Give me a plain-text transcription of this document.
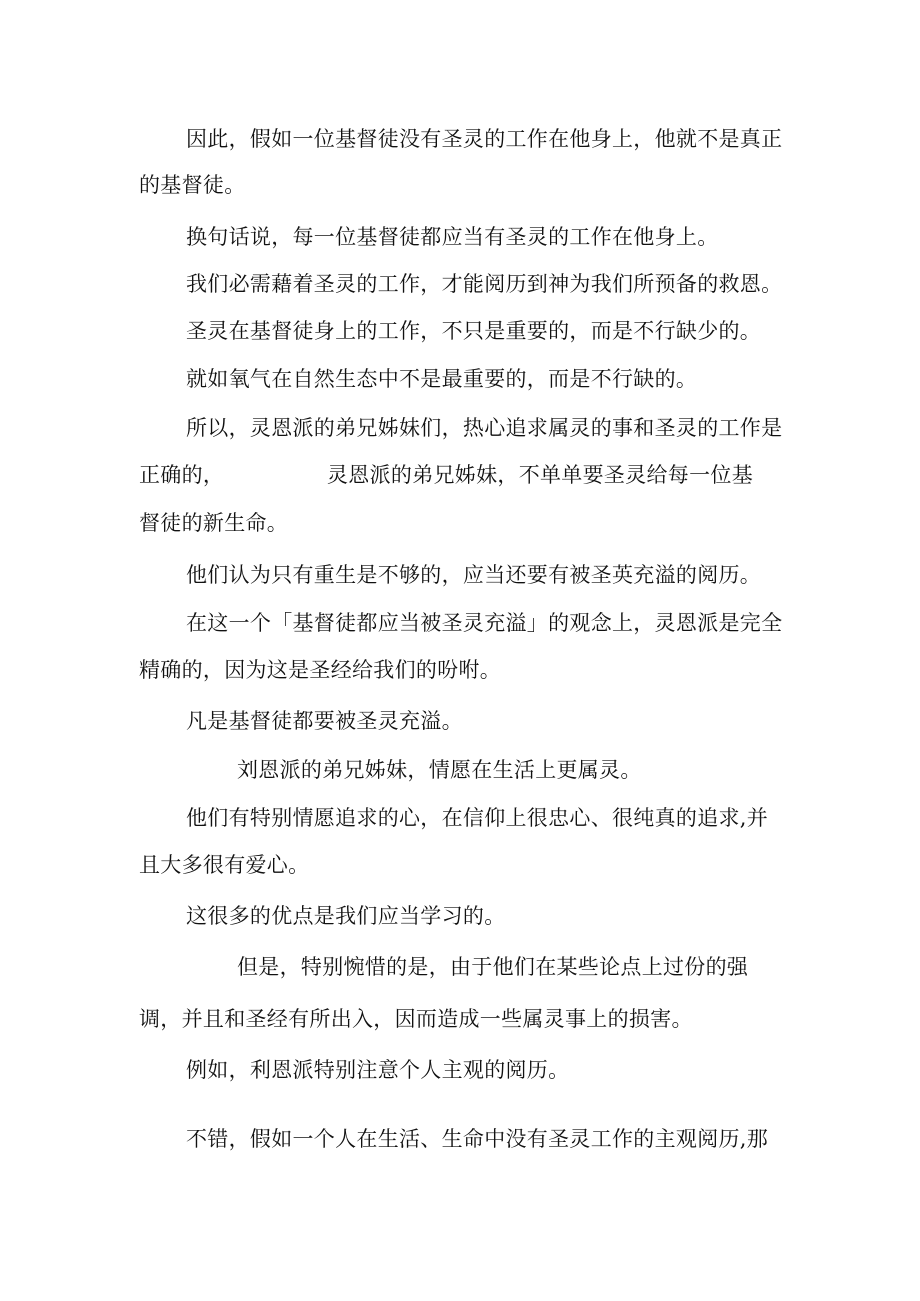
因此，假如一位基督徒没有圣灵的工作在他身上，他就不是真正
的基督徒。
换句话说，每一位基督徒都应当有圣灵的工作在他身上。
我们必需藉着圣灵的工作，才能阅历到神为我们所预备的救恩。
圣灵在基督徒身上的工作，不只是重要的，而是不行缺少的。
就如氧气在自然生态中不是最重要的，而是不行缺的。
所以，灵恩派的弟兄姊妹们，热心追求属灵的事和圣灵的工作是
正确的，	灵恩派的弟兄姊妹，不单单要圣灵给每一位基
督徒的新生命。
他们认为只有重生是不够的，应当还要有被圣英充溢的阅历。
在这一个「基督徒都应当被圣灵充溢」的观念上，灵恩派是完全
精确的，因为这是圣经给我们的吩咐。
凡是基督徒都要被圣灵充溢。
刘恩派的弟兄姊妹，情愿在生活上更属灵。
他们有特别情愿追求的心，在信仰上很忠心、很纯真的追求,并
且大多很有爱心。
这很多的优点是我们应当学习的。
但是，特别惋惜的是，由于他们在某些论点上过份的强
调，并且和圣经有所出入，因而造成一些属灵事上的损害。
例如，利恩派特别注意个人主观的阅历。
不错，假如一个人在生活、生命中没有圣灵工作的主观阅历,那
